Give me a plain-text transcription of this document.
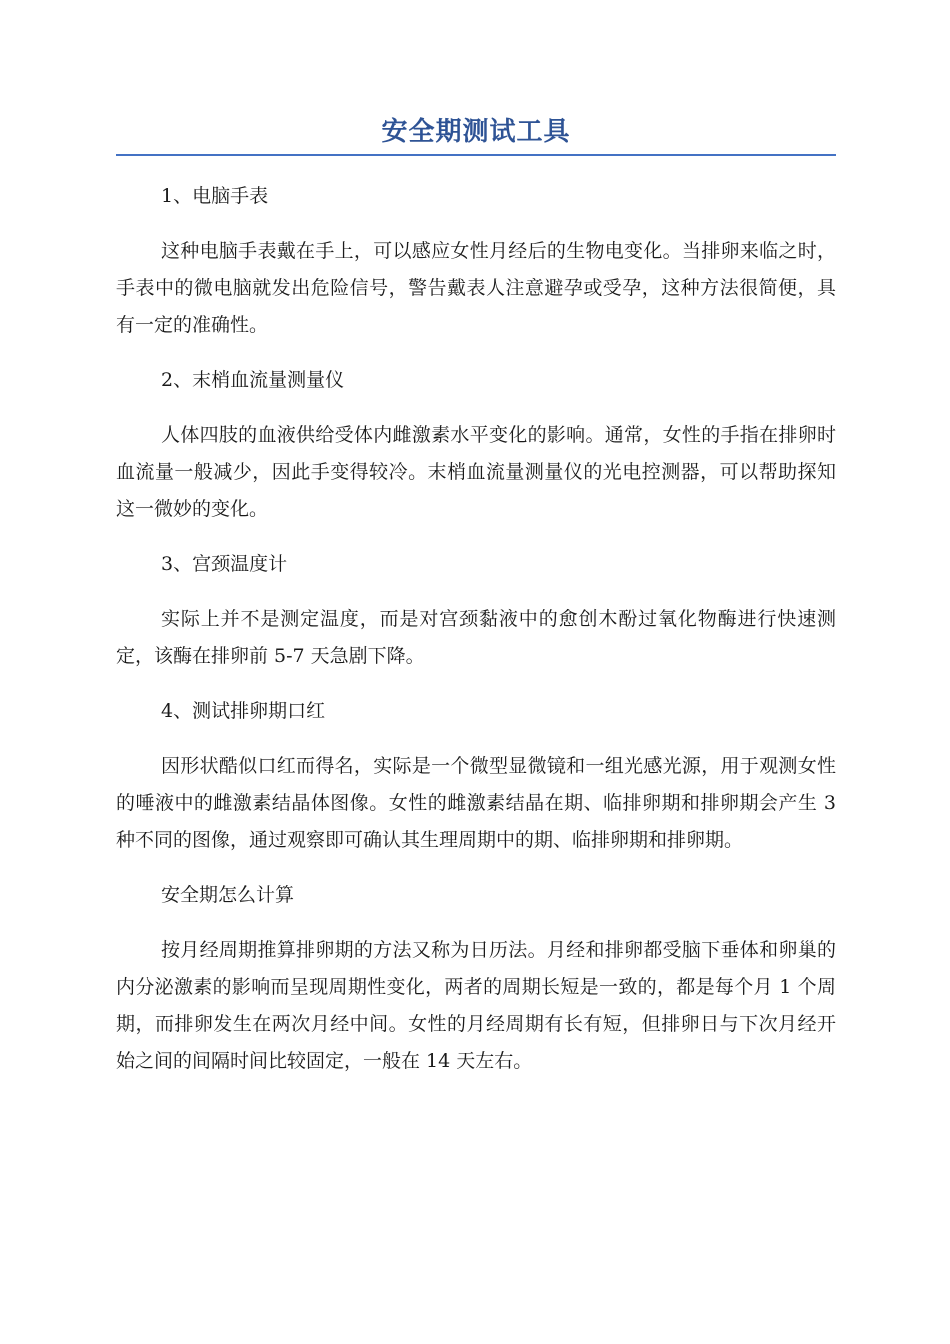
安全期测试工具

1、电脑手表

这种电脑手表戴在手上，可以感应女性月经后的生物电变化。当排卵来临之时，手表中的微电脑就发出危险信号，警告戴表人注意避孕或受孕，这种方法很简便，具有一定的准确性。

2、末梢血流量测量仪

人体四肢的血液供给受体内雌激素水平变化的影响。通常，女性的手指在排卵时血流量一般减少，因此手变得较冷。末梢血流量测量仪的光电控测器，可以帮助探知这一微妙的变化。

3、宫颈温度计

实际上并不是测定温度，而是对宫颈黏液中的愈创木酚过氧化物酶进行快速测定，该酶在排卵前 5-7 天急剧下降。

4、测试排卵期口红

因形状酷似口红而得名，实际是一个微型显微镜和一组光感光源，用于观测女性的唾液中的雌激素结晶体图像。女性的雌激素结晶在期、临排卵期和排卵期会产生 3 种不同的图像，通过观察即可确认其生理周期中的期、临排卵期和排卵期。

安全期怎么计算

按月经周期推算排卵期的方法又称为日历法。月经和排卵都受脑下垂体和卵巢的内分泌激素的影响而呈现周期性变化，两者的周期长短是一致的，都是每个月 1 个周期，而排卵发生在两次月经中间。女性的月经周期有长有短，但排卵日与下次月经开始之间的间隔时间比较固定，一般在 14 天左右。
